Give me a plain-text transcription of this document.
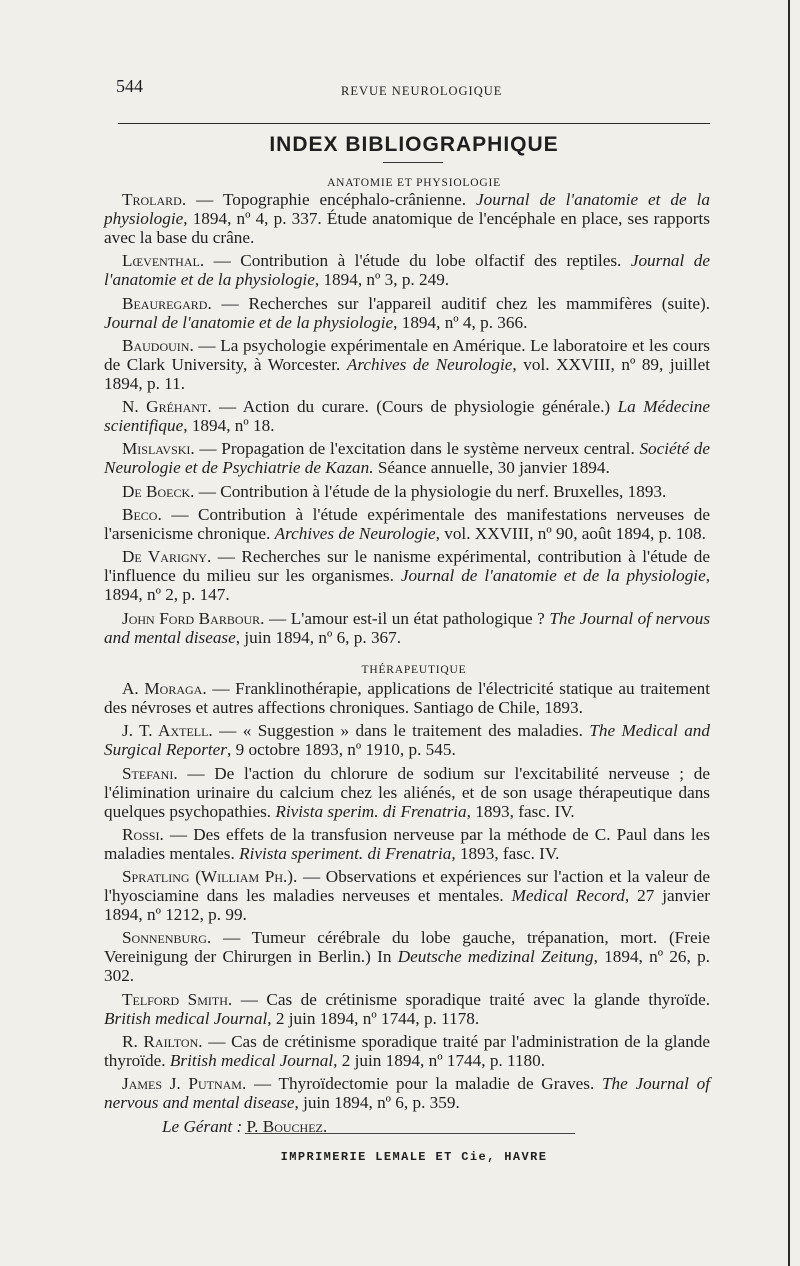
544	REVUE NEUROLOGIQUE
INDEX BIBLIOGRAPHIQUE
ANATOMIE ET PHYSIOLOGIE

Trolard. — Topographie encéphalo-crânienne. Journal de l'anatomie et de la physiologie, 1894, nº 4, p. 337. Étude anatomique de l'encéphale en place, ses rapports avec la base du crâne.

Lœventhal. — Contribution à l'étude du lobe olfactif des reptiles. Journal de l'anatomie et de la physiologie, 1894, nº 3, p. 249.

Beauregard. — Recherches sur l'appareil auditif chez les mammifères (suite). Journal de l'anatomie et de la physiologie, 1894, nº 4, p. 366.

Baudouin. — La psychologie expérimentale en Amérique. Le laboratoire et les cours de Clark University, à Worcester. Archives de Neurologie, vol. XXVIII, nº 89, juillet 1894, p. 11.

N. Gréhant. — Action du curare. (Cours de physiologie générale.) La Médecine scientifique, 1894, nº 18.

Mislavski. — Propagation de l'excitation dans le système nerveux central. Société de Neurologie et de Psychiatrie de Kazan. Séance annuelle, 30 janvier 1894.

De Boeck. — Contribution à l'étude de la physiologie du nerf. Bruxelles, 1893.

Beco. — Contribution à l'étude expérimentale des manifestations nerveuses de l'arsenicisme chronique. Archives de Neurologie, vol. XXVIII, nº 90, août 1894, p. 108.

De Varigny. — Recherches sur le nanisme expérimental, contribution à l'étude de l'influence du milieu sur les organismes. Journal de l'anatomie et de la physiologie, 1894, nº 2, p. 147.

John Ford Barbour. — L'amour est-il un état pathologique ? The Journal of nervous and mental disease, juin 1894, nº 6, p. 367.

THÉRAPEUTIQUE

A. Moraga. — Franklinothérapie, applications de l'électricité statique au traitement des névroses et autres affections chroniques. Santiago de Chile, 1893.

J. T. Axtell. — « Suggestion » dans le traitement des maladies. The Medical and Surgical Reporter, 9 octobre 1893, nº 1910, p. 545.

Stefani. — De l'action du chlorure de sodium sur l'excitabilité nerveuse ; de l'élimination urinaire du calcium chez les aliénés, et de son usage thérapeutique dans quelques psychopathies. Rivista sperim. di Frenatria, 1893, fasc. IV.

Rossi. — Des effets de la transfusion nerveuse par la méthode de C. Paul dans les maladies mentales. Rivista speriment. di Frenatria, 1893, fasc. IV.

Spratling (William Ph.). — Observations et expériences sur l'action et la valeur de l'hyosciamine dans les maladies nerveuses et mentales. Medical Record, 27 janvier 1894, nº 1212, p. 99.

Sonnenburg. — Tumeur cérébrale du lobe gauche, trépanation, mort. (Freie Vereinigung der Chirurgen in Berlin.) In Deutsche medizinal Zeitung, 1894, nº 26, p. 302.

Telford Smith. — Cas de crétinisme sporadique traité avec la glande thyroïde. British medical Journal, 2 juin 1894, nº 1744, p. 1178.

R. Railton. — Cas de crétinisme sporadique traité par l'administration de la glande thyroïde. British medical Journal, 2 juin 1894, nº 1744, p. 1180.

James J. Putnam. — Thyroïdectomie pour la maladie de Graves. The Journal of nervous and mental disease, juin 1894, nº 6, p. 359.

Le Gérant : P. Bouchez.
IMPRIMERIE LEMALE ET Cie, HAVRE
